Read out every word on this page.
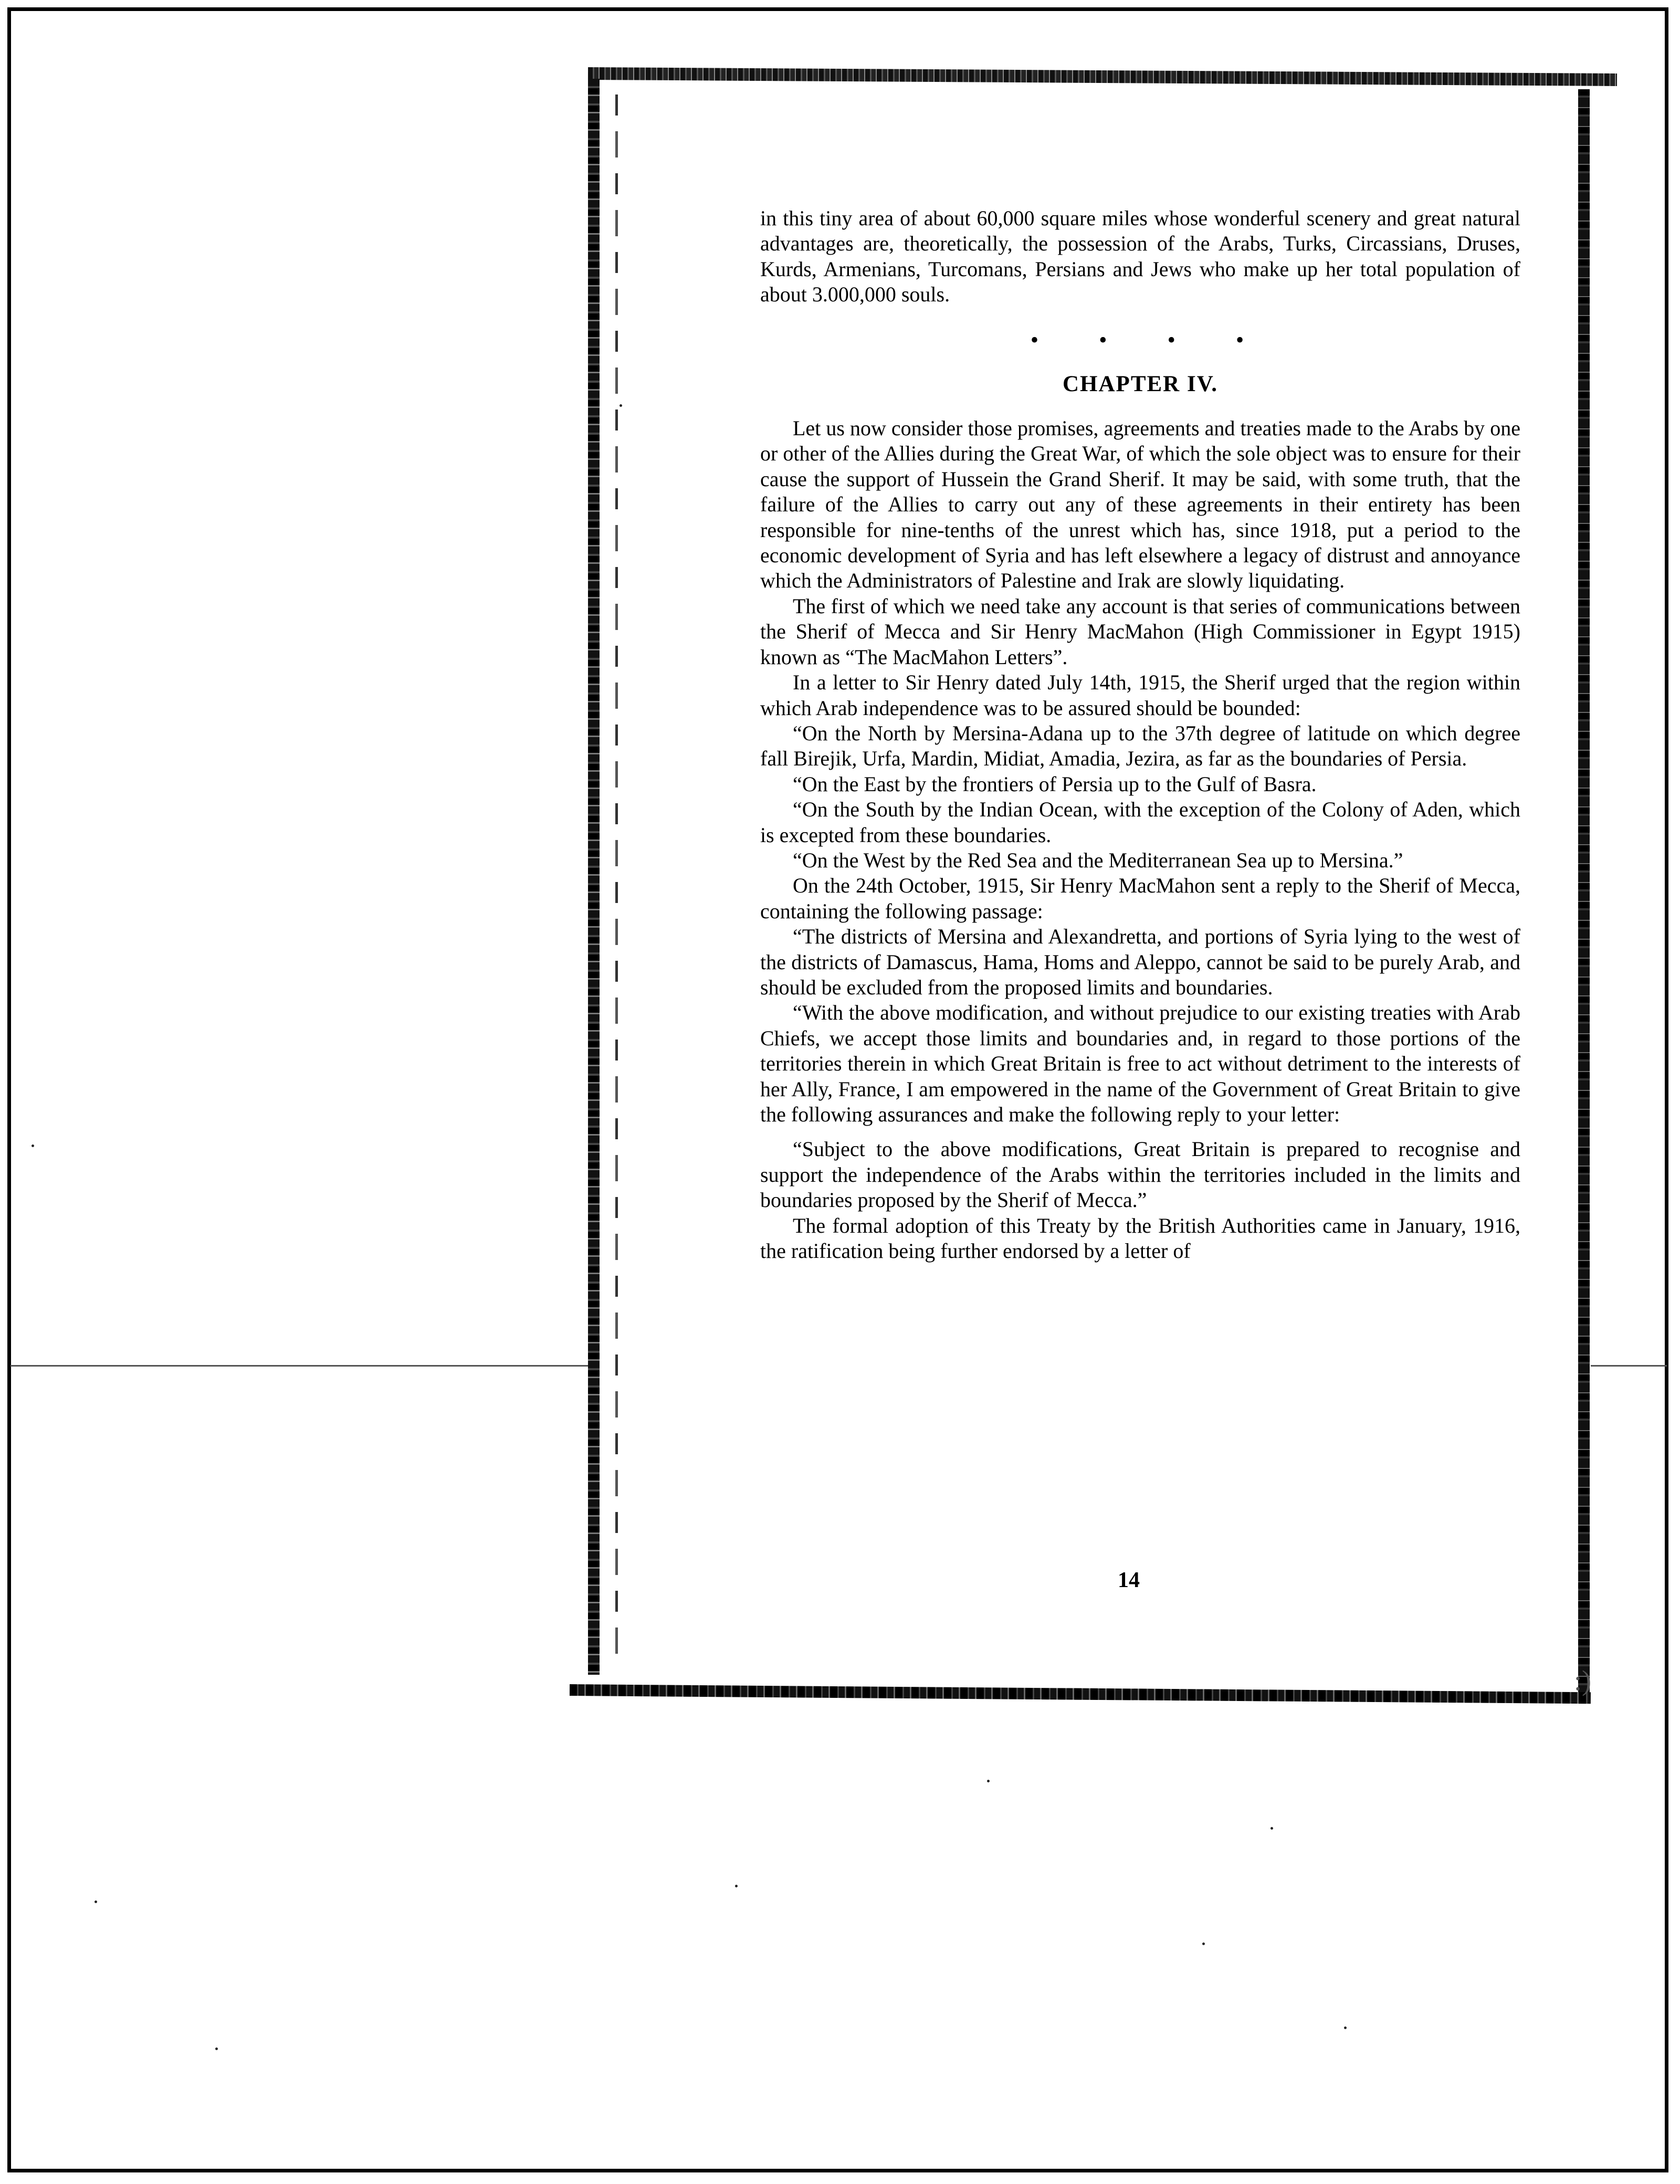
:)

in this tiny area of about 60,000 square miles whose wonderful scenery and great natural advantages are, theoretically, the possession of the Arabs, Turks, Circassians, Druses, Kurds, Armenians, Turcomans, Persians and Jews who make up her total population of about 3.000,000 souls.

• • • •
CHAPTER IV.

Let us now consider those promises, agreements and treaties made to the Arabs by one or other of the Allies during the Great War, of which the sole object was to ensure for their cause the support of Hussein the Grand Sherif. It may be said, with some truth, that the failure of the Allies to carry out any of these agreements in their entirety has been responsible for nine-tenths of the unrest which has, since 1918, put a period to the economic development of Syria and has left elsewhere a legacy of distrust and annoyance which the Administrators of Palestine and Irak are slowly liquidating.

The first of which we need take any account is that series of communications between the Sherif of Mecca and Sir Henry MacMahon (High Commissioner in Egypt 1915) known as “The MacMahon Letters”.

In a letter to Sir Henry dated July 14th, 1915, the Sherif urged that the region within which Arab independence was to be assured should be bounded:

“On the North by Mersina-Adana up to the 37th degree of latitude on which degree fall Birejik, Urfa, Mardin, Midiat, Amadia, Jezira, as far as the boundaries of Persia.

“On the East by the frontiers of Persia up to the Gulf of Basra.

“On the South by the Indian Ocean, with the exception of the Colony of Aden, which is excepted from these boundaries.

“On the West by the Red Sea and the Mediterranean Sea up to Mersina.”

On the 24th October, 1915, Sir Henry MacMahon sent a reply to the Sherif of Mecca, containing the following passage:

“The districts of Mersina and Alexandretta, and portions of Syria lying to the west of the districts of Damascus, Hama, Homs and Aleppo, cannot be said to be purely Arab, and should be excluded from the proposed limits and boundaries.

“With the above modification, and without prejudice to our existing treaties with Arab Chiefs, we accept those limits and boundaries and, in regard to those portions of the territories therein in which Great Britain is free to act without detriment to the interests of her Ally, France, I am empowered in the name of the Government of Great Britain to give the following assurances and make the following reply to your letter:

“Subject to the above modifications, Great Britain is prepared to recognise and support the independence of the Arabs within the territories included in the limits and boundaries proposed by the Sherif of Mecca.”

The formal adoption of this Treaty by the British Authorities came in January, 1916, the ratification being further endorsed by a letter of

14
